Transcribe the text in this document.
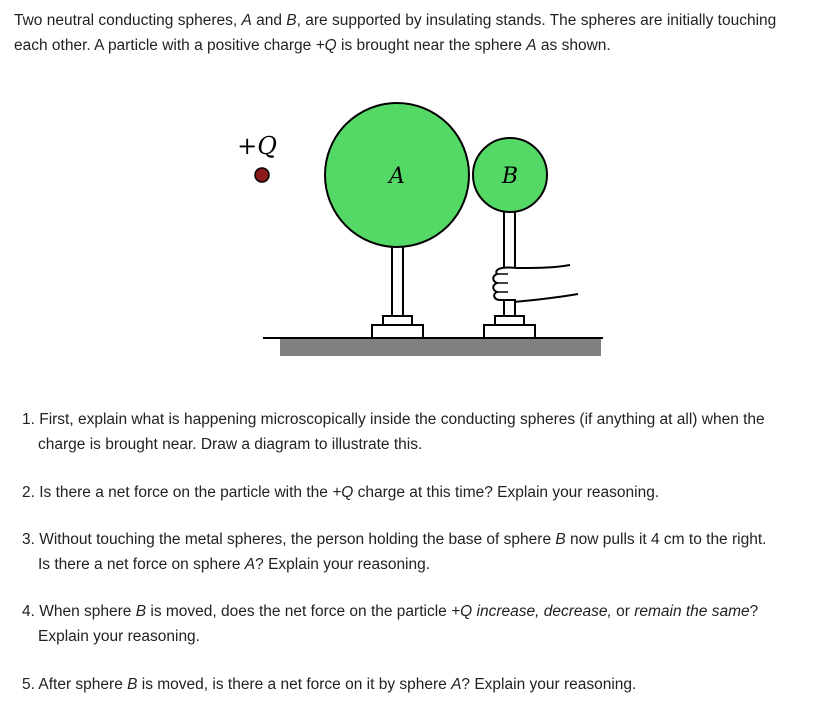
Two neutral conducting spheres, A and B, are supported by insulating stands. The spheres are initially touching
each other. A particle with a positive charge +Q is brought near the sphere A as shown.
+Q
A	B
1. First, explain what is happening microscopically inside the conducting spheres (if anything at all) when the
charge is brought near. Draw a diagram to illustrate this.
2. Is there a net force on the particle with the +Q charge at this time? Explain your reasoning.
3. Without touching the metal spheres, the person holding the base of sphere B now pulls it 4 cm to the right.
Is there a net force on sphere A? Explain your reasoning.
4. When sphere B is moved, does the net force on the particle +Q increase, decrease, or remain the same?
Explain your reasoning.
5. After sphere B is moved, is there a net force on it by sphere A? Explain your reasoning.
